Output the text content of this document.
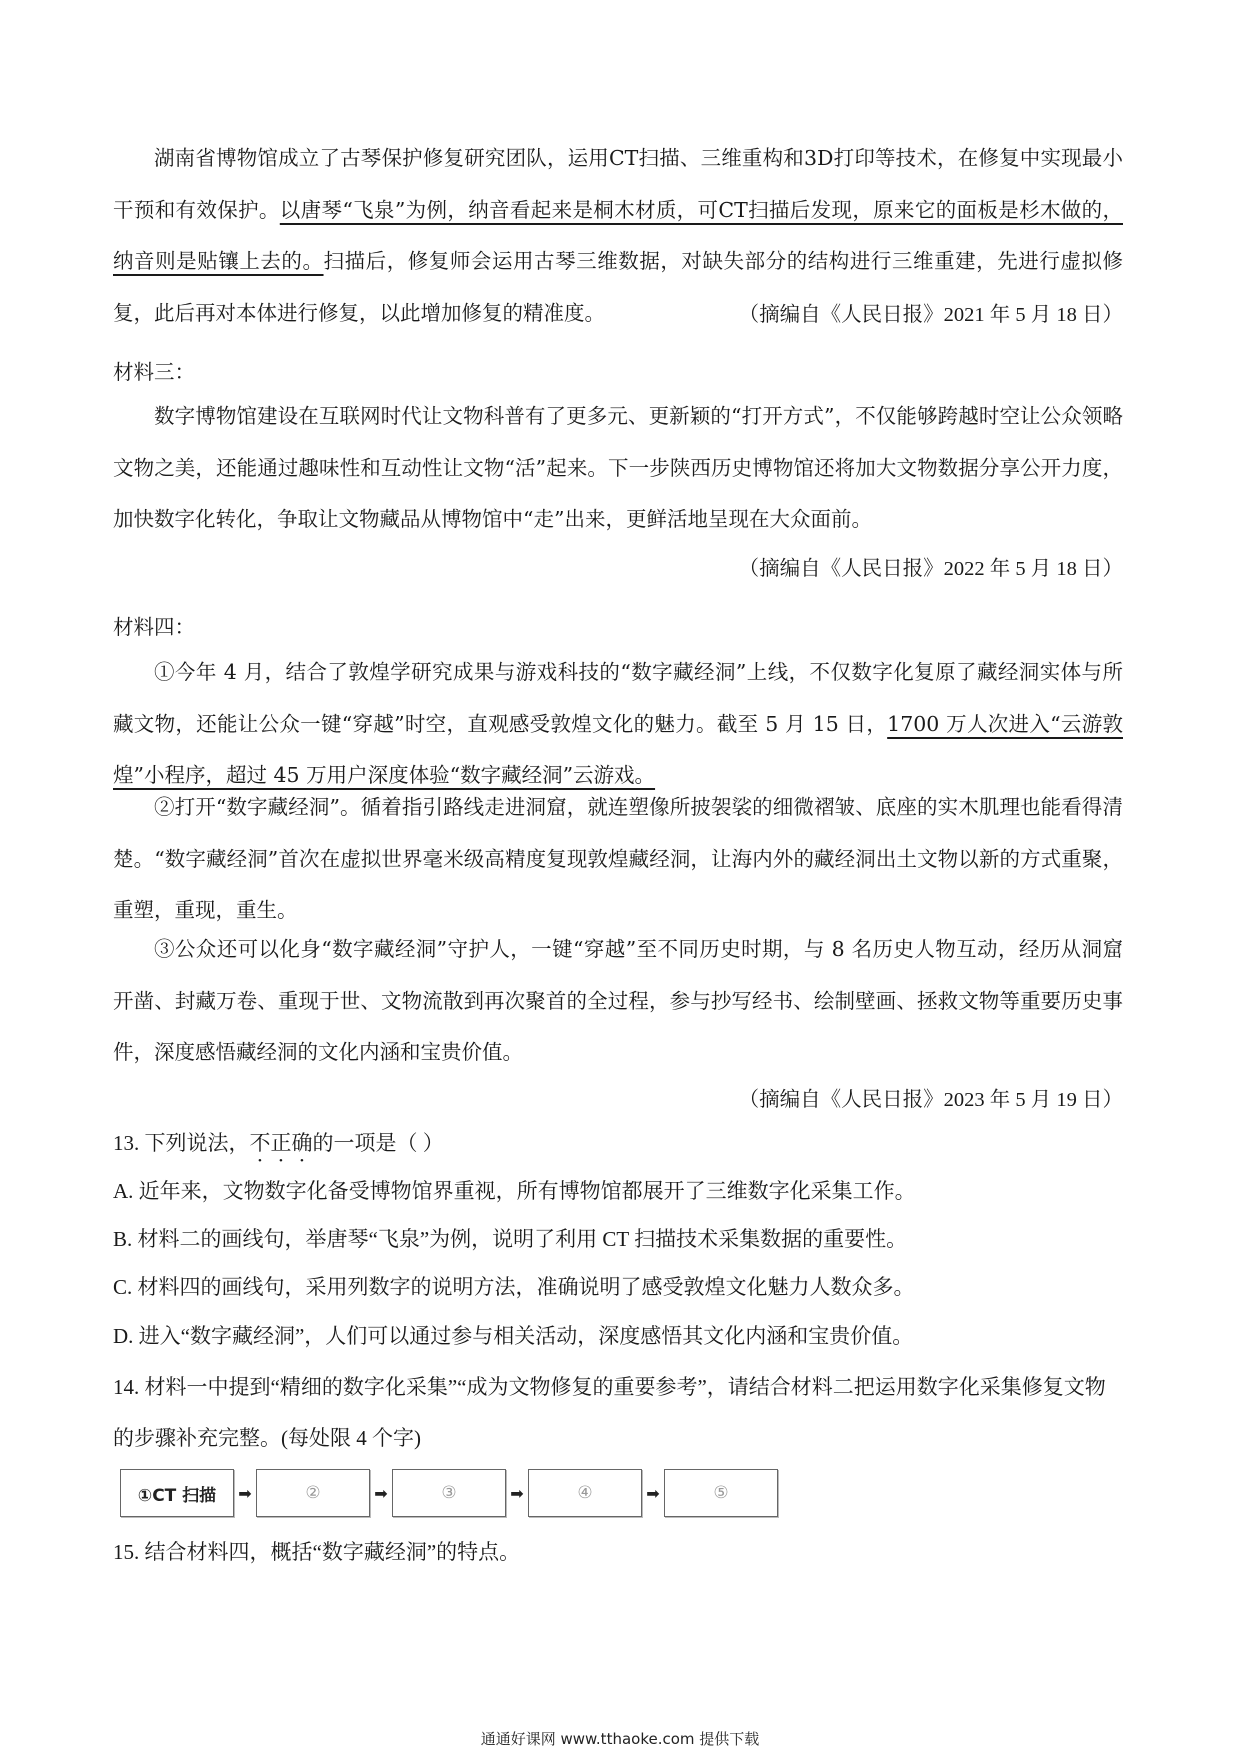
湖南省博物馆成立了古琴保护修复研究团队，运用CT扫描、三维重构和3D打印等技术，在修复中实现最小干预和有效保护。以唐琴“飞泉”为例，纳音看起来是桐木材质，可CT扫描后发现，原来它的面板是杉木做的，纳音则是贴镶上去的。扫描后，修复师会运用古琴三维数据，对缺失部分的结构进行三维重建，先进行虚拟修复，此后再对本体进行修复，以此增加修复的精准度。	（摘编自《人民日报》2021 年 5 月 18 日）

材料三：

数字博物馆建设在互联网时代让文物科普有了更多元、更新颖的“打开方式”，不仅能够跨越时空让公众领略文物之美，还能通过趣味性和互动性让文物“活”起来。下一步陕西历史博物馆还将加大文物数据分享公开力度，加快数字化转化，争取让文物藏品从博物馆中“走”出来，更鲜活地呈现在大众面前。

（摘编自《人民日报》2022 年 5 月 18 日）

材料四：

①今年 4 月，结合了敦煌学研究成果与游戏科技的“数字藏经洞”上线，不仅数字化复原了藏经洞实体与所藏文物，还能让公众一键“穿越”时空，直观感受敦煌文化的魅力。截至 5 月 15 日，1700 万人次进入“云游敦煌”小程序，超过 45 万用户深度体验“数字藏经洞”云游戏。

②打开“数字藏经洞”。循着指引路线走进洞窟，就连塑像所披袈裟的细微褶皱、底座的实木肌理也能看得清楚。“数字藏经洞”首次在虚拟世界毫米级高精度复现敦煌藏经洞，让海内外的藏经洞出土文物以新的方式重聚，重塑，重现，重生。

③公众还可以化身“数字藏经洞”守护人，一键“穿越”至不同历史时期，与 8 名历史人物互动，经历从洞窟开凿、封藏万卷、重现于世、文物流散到再次聚首的全过程，参与抄写经书、绘制壁画、拯救文物等重要历史事件，深度感悟藏经洞的文化内涵和宝贵价值。

（摘编自《人民日报》2023 年 5 月 19 日）

13. 下列说法，不正确的一项是（ ）

A. 近年来，文物数字化备受博物馆界重视，所有博物馆都展开了三维数字化采集工作。

B. 材料二的画线句，举唐琴“飞泉”为例，说明了利用 CT 扫描技术采集数据的重要性。

C. 材料四的画线句，采用列数字的说明方法，准确说明了感受敦煌文化魅力人数众多。

D. 进入“数字藏经洞”，人们可以通过参与相关活动，深度感悟其文化内涵和宝贵价值。

14. 材料一中提到“精细的数字化采集”“成为文物修复的重要参考”，请结合材料二把运用数字化采集修复文物的步骤补充完整。(每处限 4 个字)

①CT 扫描	➡	②	➡	③	➡	④	➡	⑤

15. 结合材料四，概括“数字藏经洞”的特点。

通通好课网 www.tthaoke.com 提供下载
